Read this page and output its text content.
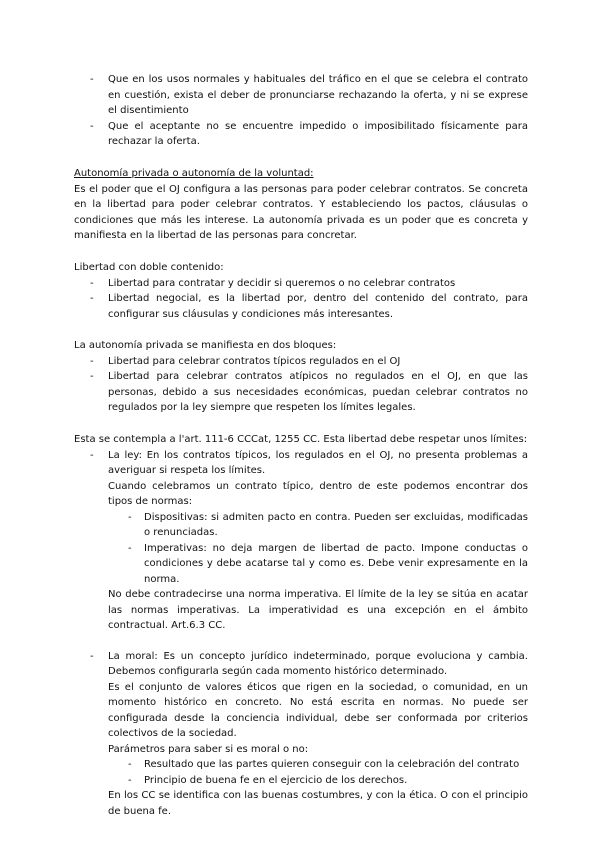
- Que en los usos normales y habituales del tráfico en el que se celebra el contrato en cuestión, exista el deber de pronunciarse rechazando la oferta, y ni se exprese el disentimiento
- Que el aceptante no se encuentre impedido o imposibilitado físicamente para rechazar la oferta.

Autonomía privada o autonomía de la voluntad:

Es el poder que el OJ configura a las personas para poder celebrar contratos. Se concreta en la libertad para poder celebrar contratos. Y estableciendo los pactos, cláusulas o condiciones que más les interese. La autonomía privada es un poder que es concreta y manifiesta en la libertad de las personas para concretar.

Libertad con doble contenido:

- Libertad para contratar y decidir si queremos o no celebrar contratos
- Libertad negocial, es la libertad por, dentro del contenido del contrato, para configurar sus cláusulas y condiciones más interesantes.

La autonomía privada se manifiesta en dos bloques:

- Libertad para celebrar contratos típicos regulados en el OJ
- Libertad para celebrar contratos atípicos no regulados en el OJ, en que las personas, debido a sus necesidades económicas, puedan celebrar contratos no regulados por la ley siempre que respeten los límites legales.

Esta se contempla a l'art. 111-6 CCCat, 1255 CC. Esta libertad debe respetar unos límites:

- La ley: En los contratos típicos, los regulados en el OJ, no presenta problemas a averiguar si respeta los límites.

Cuando celebramos un contrato típico, dentro de este podemos encontrar dos tipos de normas:

- Dispositivas: si admiten pacto en contra. Pueden ser excluidas, modificadas o renunciadas.
- Imperativas: no deja margen de libertad de pacto. Impone conductas o condiciones y debe acatarse tal y como es. Debe venir expresamente en la norma.

No debe contradecirse una norma imperativa. El límite de la ley se sitúa en acatar las normas imperativas. La imperatividad es una excepción en el ámbito contractual. Art.6.3 CC.

- La moral: Es un concepto jurídico indeterminado, porque evoluciona y cambia. Debemos configurarla según cada momento histórico determinado.

Es el conjunto de valores éticos que rigen en la sociedad, o comunidad, en un momento histórico en concreto. No está escrita en normas. No puede ser configurada desde la conciencia individual, debe ser conformada por criterios colectivos de la sociedad.

Parámetros para saber si es moral o no:

- Resultado que las partes quieren conseguir con la celebración del contrato
- Principio de buena fe en el ejercicio de los derechos.

En los CC se identifica con las buenas costumbres, y con la ética. O con el principio de buena fe.
